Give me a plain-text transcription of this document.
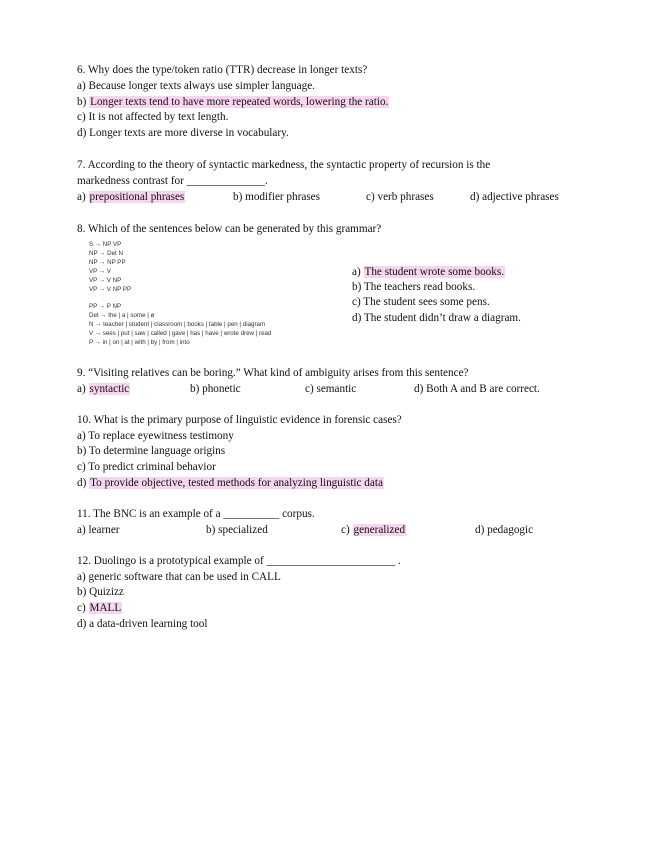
6. Why does the type/token ratio (TTR) decrease in longer texts?
a) Because longer texts always use simpler language.
b) Longer texts tend to have more repeated words, lowering the ratio.
c) It is not affected by text length.
d) Longer texts are more diverse in vocabulary.
7. According to the theory of syntactic markedness, the syntactic property of recursion is the
markedness contrast for ______________.
a) prepositional phrases	b) modifier phrases	c) verb phrases	d) adjective phrases
8. Which of the sentences below can be generated by this grammar?
S → NP VP
NP → Det N
NP → NP PP
VP → V
VP → V NP
VP → V NP PP
PP → P NP
Det → the | a | some | ø
N → teacher | student | classroom | books | table | pen | diagram
V → sees | put | saw | called | gave | has | have | wrote drew | read
P → in | on | at | with | by | from | into
a) The student wrote some books.
b) The teachers read books.
c) The student sees some pens.
d) The student didn’t draw a diagram.
9. “Visiting relatives can be boring.” What kind of ambiguity arises from this sentence?
a) syntactic	b) phonetic	c) semantic	d) Both A and B are correct.
10. What is the primary purpose of linguistic evidence in forensic cases?
a) To replace eyewitness testimony
b) To determine language origins
c) To predict criminal behavior
d) To provide objective, tested methods for analyzing linguistic data
11. The BNC is an example of a __________ corpus.
a) learner	b) specialized	c) generalized	d) pedagogic
12. Duolingo is a prototypical example of _______________________ .
a) generic software that can be used in CALL
b) Quizizz
c) MALL
d) a data-driven learning tool
